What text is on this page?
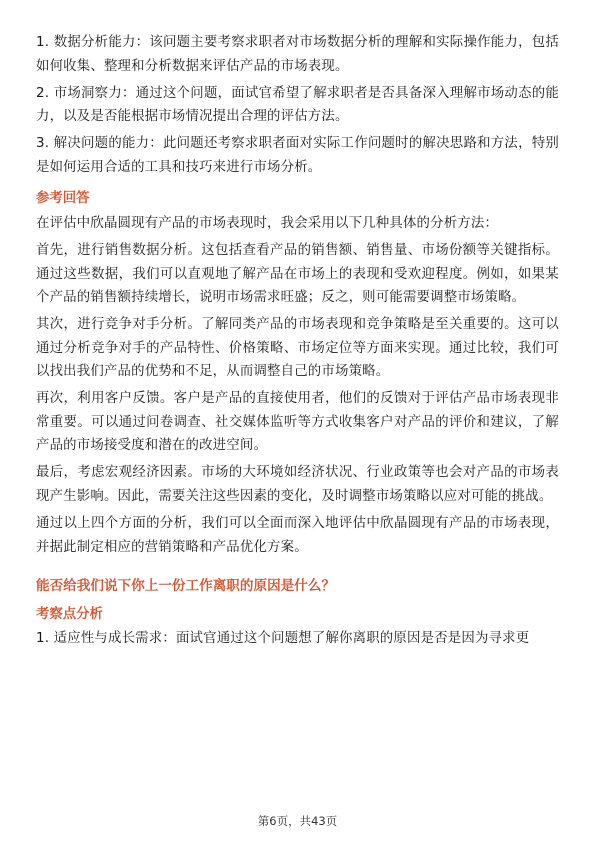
1. 数据分析能力：该问题主要考察求职者对市场数据分析的理解和实际操作能力，包括如何收集、整理和分析数据来评估产品的市场表现。

2. 市场洞察力：通过这个问题，面试官希望了解求职者是否具备深入理解市场动态的能力，以及是否能根据市场情况提出合理的评估方法。

3. 解决问题的能力：此问题还考察求职者面对实际工作问题时的解决思路和方法，特别是如何运用合适的工具和技巧来进行市场分析。

参考回答

在评估中欣晶圆现有产品的市场表现时，我会采用以下几种具体的分析方法：

首先，进行销售数据分析。这包括查看产品的销售额、销售量、市场份额等关键指标。通过这些数据，我们可以直观地了解产品在市场上的表现和受欢迎程度。例如，如果某个产品的销售额持续增长，说明市场需求旺盛；反之，则可能需要调整市场策略。

其次，进行竞争对手分析。了解同类产品的市场表现和竞争策略是至关重要的。这可以通过分析竞争对手的产品特性、价格策略、市场定位等方面来实现。通过比较，我们可以找出我们产品的优势和不足，从而调整自己的市场策略。

再次，利用客户反馈。客户是产品的直接使用者，他们的反馈对于评估产品市场表现非常重要。可以通过问卷调查、社交媒体监听等方式收集客户对产品的评价和建议，了解产品的市场接受度和潜在的改进空间。

最后，考虑宏观经济因素。市场的大环境如经济状况、行业政策等也会对产品的市场表现产生影响。因此，需要关注这些因素的变化，及时调整市场策略以应对可能的挑战。

通过以上四个方面的分析，我们可以全面而深入地评估中欣晶圆现有产品的市场表现，并据此制定相应的营销策略和产品优化方案。

能否给我们说下你上一份工作离职的原因是什么？
考察点分析

1. 适应性与成长需求：面试官通过这个问题想了解你离职的原因是否是因为寻求更

第6页，共43页
